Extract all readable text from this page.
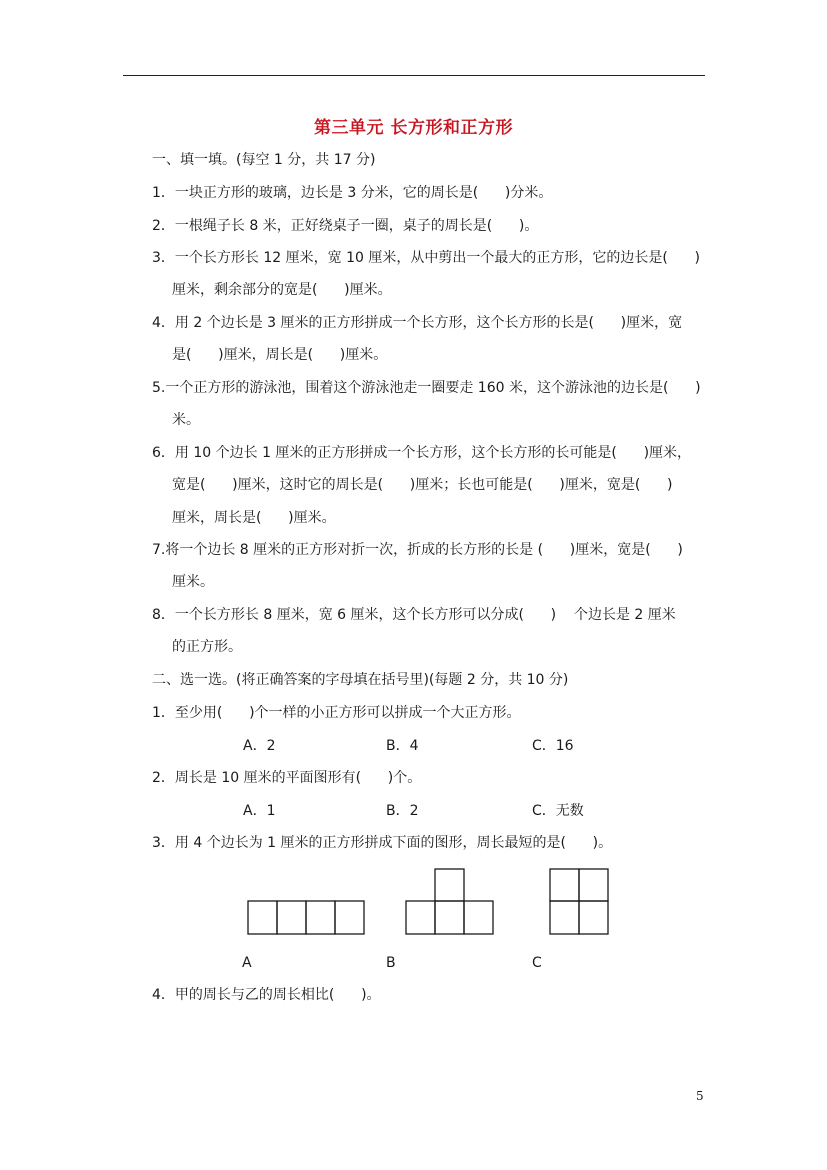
第三单元 长方形和正方形
一、填一填。(每空 1 分，共 17 分)
1．一块正方形的玻璃，边长是 3 分米，它的周长是(      )分米。
2．一根绳子长 8 米，正好绕桌子一圈，桌子的周长是(      )。
3．一个长方形长 12 厘米，宽 10 厘米，从中剪出一个最大的正方形，它的边长是(      )
厘米，剩余部分的宽是(      )厘米。
4．用 2 个边长是 3 厘米的正方形拼成一个长方形，这个长方形的长是(      )厘米，宽
是(      )厘米，周长是(      )厘米。
5.一个正方形的游泳池，围着这个游泳池走一圈要走 160 米，这个游泳池的边长是(      )
米。
6．用 10 个边长 1 厘米的正方形拼成一个长方形，这个长方形的长可能是(      )厘米，
宽是(      )厘米，这时它的周长是(      )厘米；长也可能是(      )厘米，宽是(      )
厘米，周长是(      )厘米。
7.将一个边长 8 厘米的正方形对折一次，折成的长方形的长是 (      )厘米，宽是(      )
厘米。
8．一个长方形长 8 厘米，宽 6 厘米，这个长方形可以分成(      )    个边长是 2 厘米
的正方形。
二、选一选。(将正确答案的字母填在括号里)(每题 2 分，共 10 分)
1．至少用(      )个一样的小正方形可以拼成一个大正方形。
A．2	B．4	C．16
2．周长是 10 厘米的平面图形有(      )个。
A．1	B．2	C．无数
3．用 4 个边长为 1 厘米的正方形拼成下面的图形，周长最短的是(      )。
A	B	C
4．甲的周长与乙的周长相比(      )。
5
